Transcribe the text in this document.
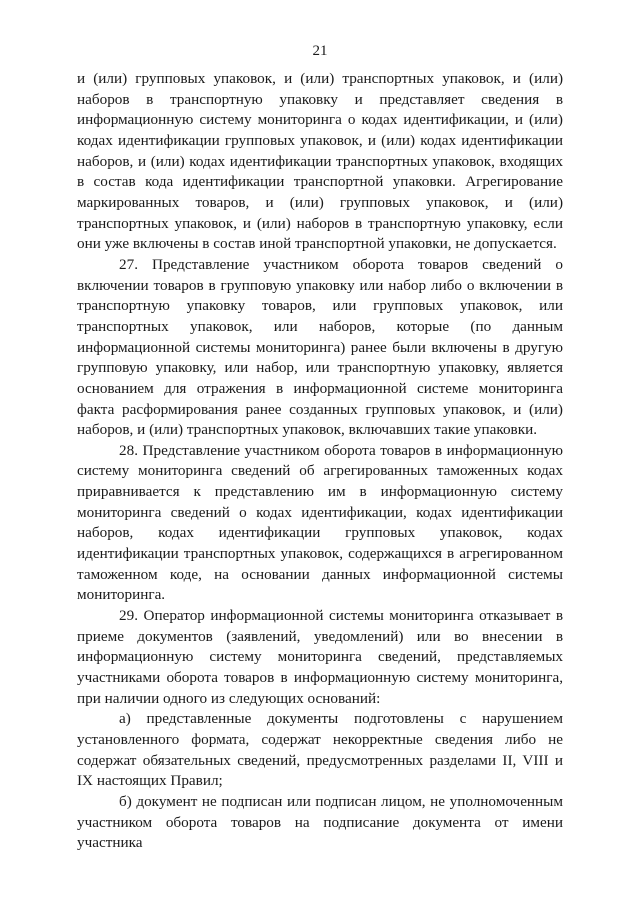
21

и (или) групповых упаковок, и (или) транспортных упаковок, и (или) наборов в транспортную упаковку и представляет сведения в информационную систему мониторинга о кодах идентификации, и (или) кодах идентификации групповых упаковок, и (или) кодах идентификации наборов, и (или) кодах идентификации транспортных упаковок, входящих в состав кода идентификации транспортной упаковки. Агрегирование маркированных товаров, и (или) групповых упаковок, и (или) транспортных упаковок, и (или) наборов в транспортную упаковку, если они уже включены в состав иной транспортной упаковки, не допускается.

27. Представление участником оборота товаров сведений о включении товаров в групповую упаковку или набор либо о включении в транспортную упаковку товаров, или групповых упаковок, или транспортных упаковок, или наборов, которые (по данным информационной системы мониторинга) ранее были включены в другую групповую упаковку, или набор, или транспортную упаковку, является основанием для отражения в информационной системе мониторинга факта расформирования ранее созданных групповых упаковок, и (или) наборов, и (или) транспортных упаковок, включавших такие упаковки.

28. Представление участником оборота товаров в информационную систему мониторинга сведений об агрегированных таможенных кодах приравнивается к представлению им в информационную систему мониторинга сведений о кодах идентификации, кодах идентификации наборов, кодах идентификации групповых упаковок, кодах идентификации транспортных упаковок, содержащихся в агрегированном таможенном коде, на основании данных информационной системы мониторинга.

29. Оператор информационной системы мониторинга отказывает в приеме документов (заявлений, уведомлений) или во внесении в информационную систему мониторинга сведений, представляемых участниками оборота товаров в информационную систему мониторинга, при наличии одного из следующих оснований:

а) представленные документы подготовлены с нарушением установленного формата, содержат некорректные сведения либо не содержат обязательных сведений, предусмотренных разделами II, VIII и IX настоящих Правил;

б) документ не подписан или подписан лицом, не уполномоченным участником оборота товаров на подписание документа от имени участника
